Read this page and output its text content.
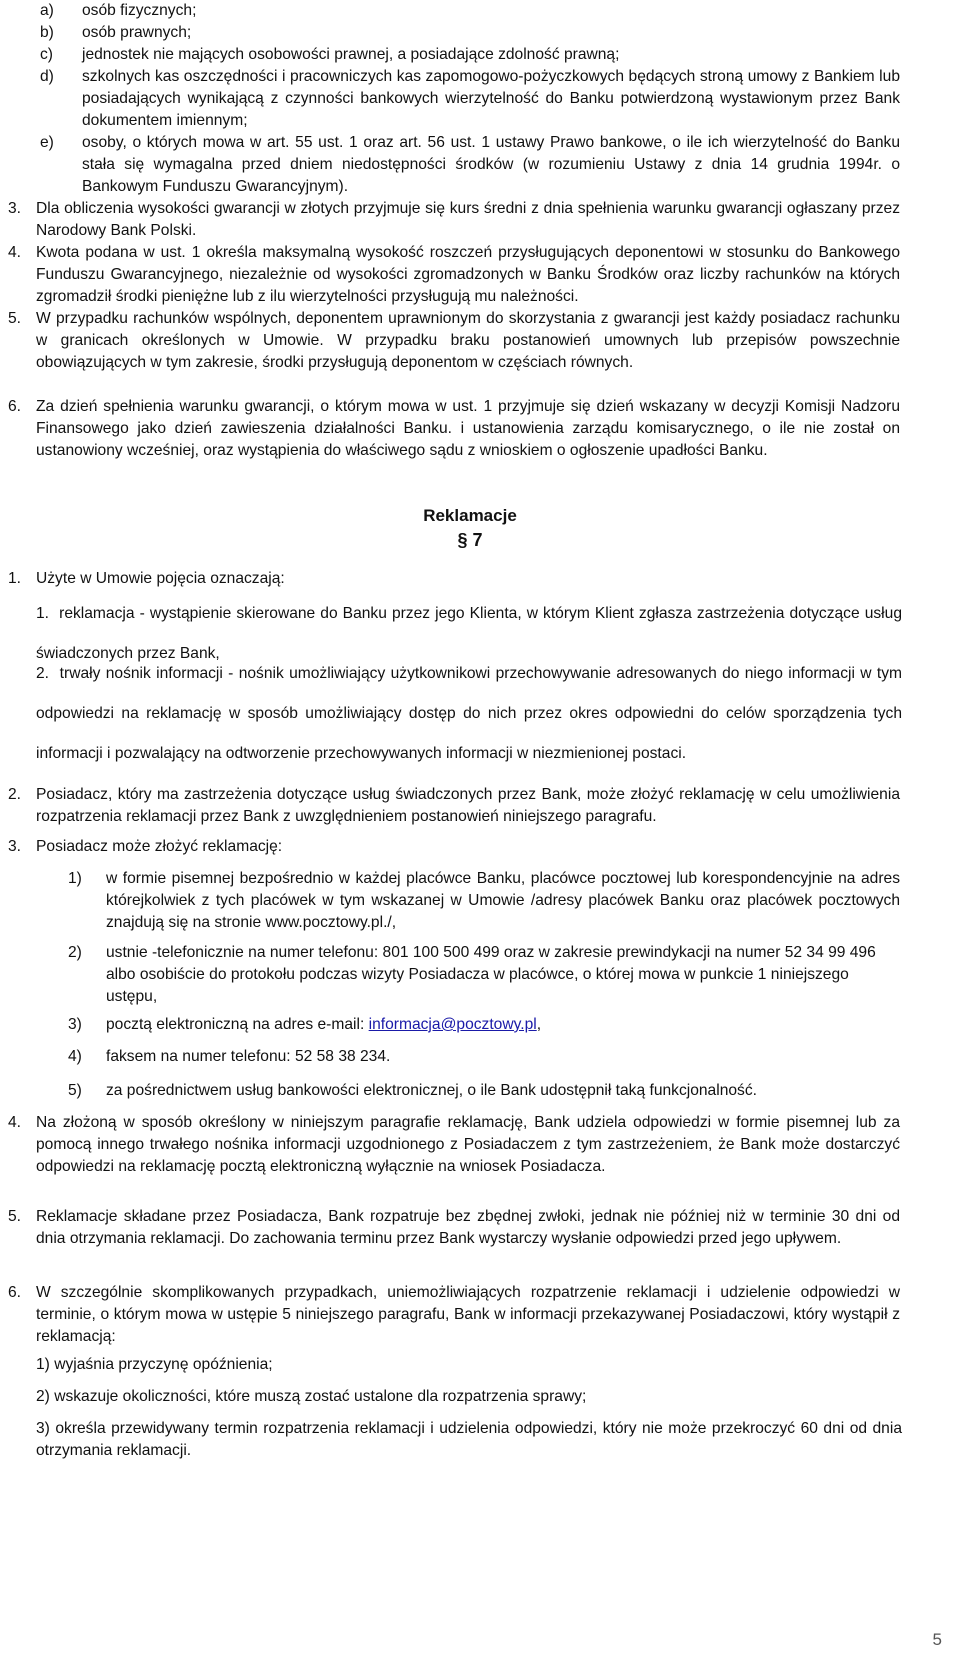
a)	osób fizycznych;
b)	osób prawnych;
c)	jednostek nie mających osobowości prawnej, a posiadające zdolność prawną;
d)	szkolnych kas oszczędności i pracowniczych kas zapomogowo-pożyczkowych będących stroną umowy z Bankiem lub posiadających wynikającą z czynności bankowych wierzytelność do Banku potwierdzoną wystawionym przez Bank dokumentem imiennym;
e)	osoby, o których mowa w art. 55 ust. 1 oraz art. 56 ust. 1 ustawy Prawo bankowe, o ile ich wierzytelność do Banku stała się wymagalna przed dniem niedostępności środków (w rozumieniu Ustawy z dnia 14 grudnia 1994r. o Bankowym Funduszu Gwarancyjnym).
3. Dla obliczenia wysokości gwarancji w złotych przyjmuje się kurs średni z dnia spełnienia warunku gwarancji ogłaszany przez Narodowy Bank Polski.
4. Kwota podana w ust. 1 określa maksymalną wysokość roszczeń przysługujących deponentowi w stosunku do Bankowego Funduszu Gwarancyjnego, niezależnie od wysokości zgromadzonych w Banku Środków oraz liczby rachunków na których zgromadził środki pieniężne lub z ilu wierzytelności przysługują mu należności.
5. W przypadku rachunków wspólnych, deponentem uprawnionym do skorzystania z gwarancji jest każdy posiadacz rachunku w granicach określonych w Umowie. W przypadku braku postanowień umownych lub przepisów powszechnie obowiązujących w tym zakresie, środki przysługują deponentom w częściach równych.
6. Za dzień spełnienia warunku gwarancji, o którym mowa w ust. 1 przyjmuje się dzień wskazany w decyzji Komisji Nadzoru Finansowego jako dzień zawieszenia działalności Banku. i ustanowienia zarządu komisarycznego, o ile nie został on ustanowiony wcześniej, oraz wystąpienia do właściwego sądu z wnioskiem o ogłoszenie upadłości Banku.
Reklamacje
§ 7
1. Użyte w Umowie pojęcia oznaczają:
1. reklamacja - wystąpienie skierowane do Banku przez jego Klienta, w którym Klient zgłasza zastrzeżenia dotyczące usług świadczonych przez Bank,
2. trwały nośnik informacji - nośnik umożliwiający użytkownikowi przechowywanie adresowanych do niego informacji w tym odpowiedzi na reklamację w sposób umożliwiający dostęp do nich przez okres odpowiedni do celów sporządzenia tych informacji i pozwalający na odtworzenie przechowywanych informacji w niezmienionej postaci.
2. Posiadacz, który ma zastrzeżenia dotyczące usług świadczonych przez Bank, może złożyć reklamację w celu umożliwienia rozpatrzenia reklamacji przez Bank z uwzględnieniem postanowień niniejszego paragrafu.
3. Posiadacz może złożyć reklamację:
1)	w formie pisemnej bezpośrednio w każdej placówce Banku, placówce pocztowej lub korespondencyjnie na adres którejkolwiek z tych placówek w tym wskazanej w Umowie /adresy placówek Banku oraz placówek pocztowych znajdują się na stronie www.pocztowy.pl./,
2)	ustnie -telefonicznie na numer telefonu: 801 100 500 499 oraz w zakresie prewindykacji na numer 52 34 99 496 albo osobiście do protokołu podczas wizyty Posiadacza w placówce, o której mowa w punkcie 1 niniejszego ustępu,
3)	pocztą elektroniczną na adres e-mail: informacja@pocztowy.pl,
4)	faksem na numer telefonu: 52 58 38 234.
5)	za pośrednictwem usług bankowości elektronicznej, o ile Bank udostępnił taką funkcjonalność.
4. Na złożoną w sposób określony w niniejszym paragrafie reklamację, Bank udziela odpowiedzi w formie pisemnej lub za pomocą innego trwałego nośnika informacji uzgodnionego z Posiadaczem z tym zastrzeżeniem, że Bank może dostarczyć odpowiedzi na reklamację pocztą elektroniczną wyłącznie na wniosek Posiadacza.
5. Reklamacje składane przez Posiadacza, Bank rozpatruje bez zbędnej zwłoki, jednak nie później niż w terminie 30 dni od dnia otrzymania reklamacji. Do zachowania terminu przez Bank wystarczy wysłanie odpowiedzi przed jego upływem.
6. W szczególnie skomplikowanych przypadkach, uniemożliwiających rozpatrzenie reklamacji i udzielenie odpowiedzi w terminie, o którym mowa w ustępie 5 niniejszego paragrafu, Bank w informacji przekazywanej Posiadaczowi, który wystąpił z reklamacją:
1) wyjaśnia przyczynę opóźnienia;
2) wskazuje okoliczności, które muszą zostać ustalone dla rozpatrzenia sprawy;
3) określa przewidywany termin rozpatrzenia reklamacji i udzielenia odpowiedzi, który nie może przekroczyć 60 dni od dnia otrzymania reklamacji.
5
